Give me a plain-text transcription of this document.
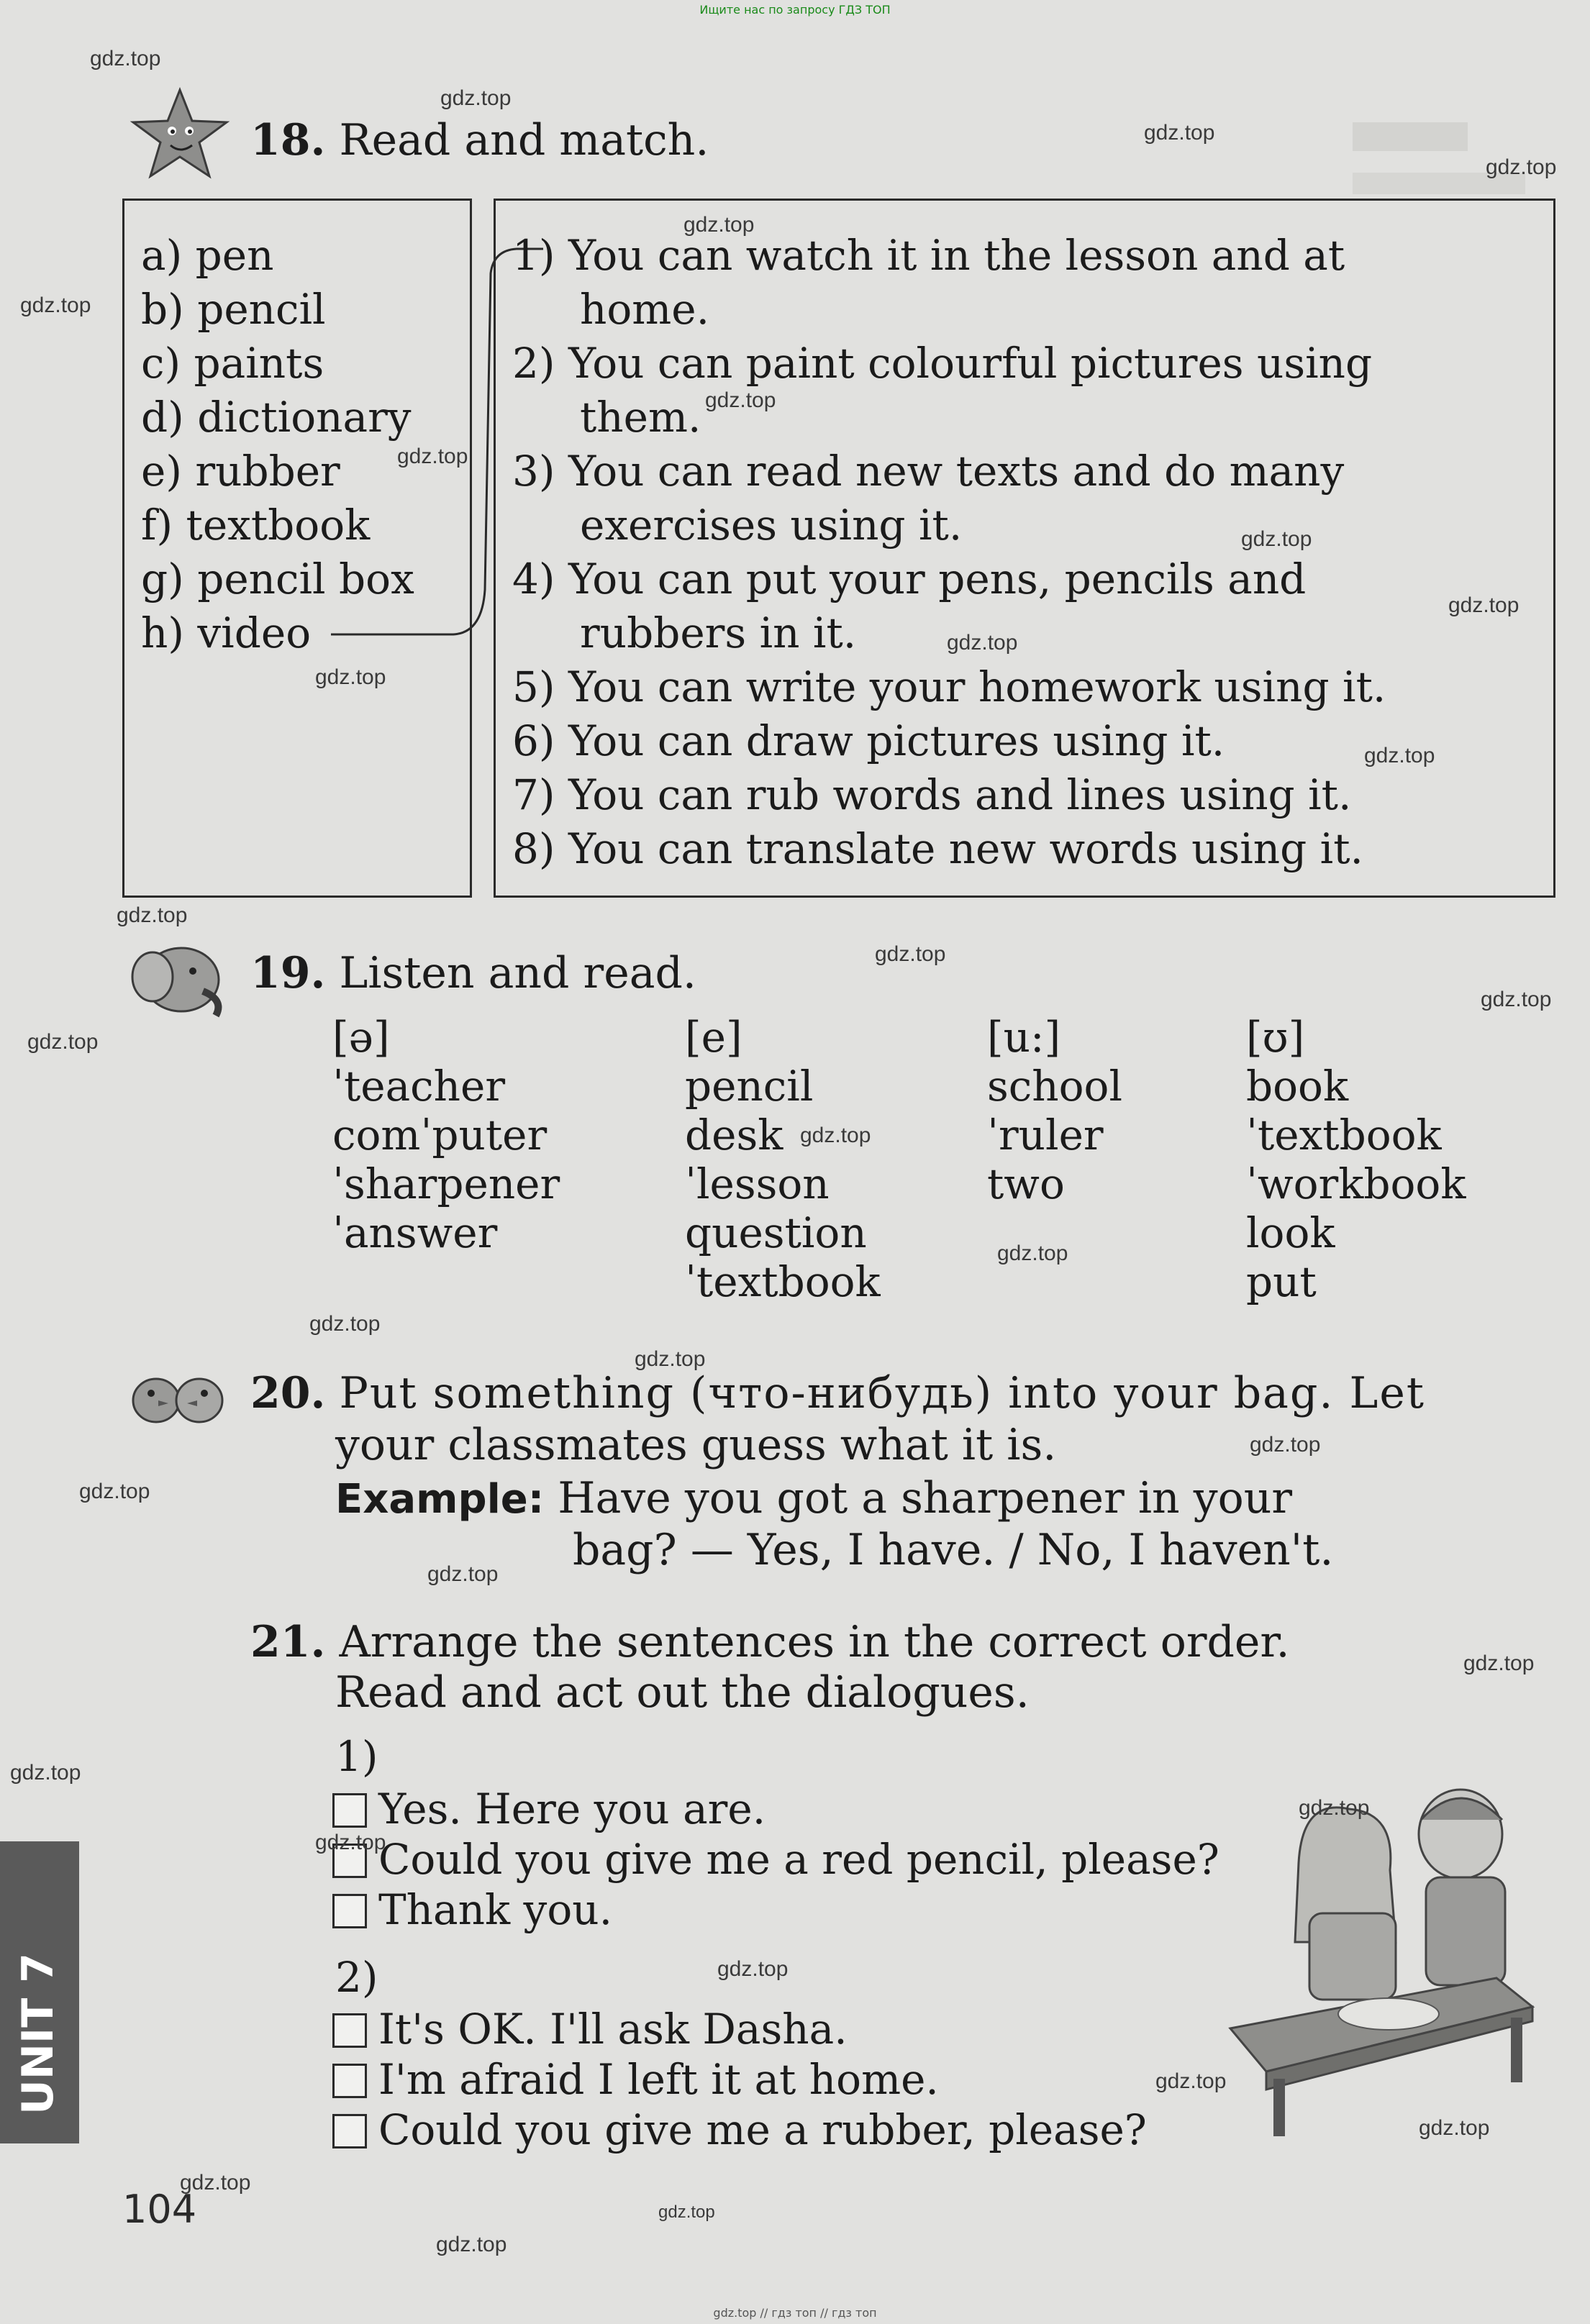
Ищите нас по запросу ГДЗ ТОП
gdz.top // гдз топ // гдз топ
18. Read and match.
a) pen
b) pencil
c) paints
d) dictionary
e) rubber
f) textbook
g) pencil box
h) video
1) You can watch it in the lesson and at
home.
2) You can paint colourful pictures using
them.
3) You can read new texts and do many
exercises using it.
4) You can put your pens, pencils and
rubbers in it.
5) You can write your homework using it.
6) You can draw pictures using it.
7) You can rub words and lines using it.
8) You can translate new words using it.
19. Listen and read.
[ə]
ˈteacher
comˈputer
ˈsharpener
ˈanswer
[e]
pencil
desk
ˈlesson
question
ˈtextbook
[u:]
school
ˈruler
two
[ʊ]
book
ˈtextbook
ˈworkbook
look
put
20. Put something (что-нибудь) into your bag. Let
your classmates guess what it is.
Example: Have you got a sharpener in your
bag? — Yes, I have. / No, I haven't.
21. Arrange the sentences in the correct order.
Read and act out the dialogues.
1)
Yes. Here you are.
Could you give me a red pencil, please?
Thank you.
2)
It's OK. I'll ask Dasha.
I'm afraid I left it at home.
Could you give me a rubber, please?
UNIT 7
104
gdz.top
gdz.top
gdz.top
gdz.top
gdz.top
gdz.top
gdz.top
gdz.top
gdz.top
gdz.top
gdz.top
gdz.top
gdz.top
gdz.top
gdz.top
gdz.top
gdz.top
gdz.top
gdz.top
gdz.top
gdz.top
gdz.top
gdz.top
gdz.top
gdz.top
gdz.top
gdz.top
gdz.top
gdz.top
gdz.top
gdz.top
gdz.top
gdz.top
gdz.top
